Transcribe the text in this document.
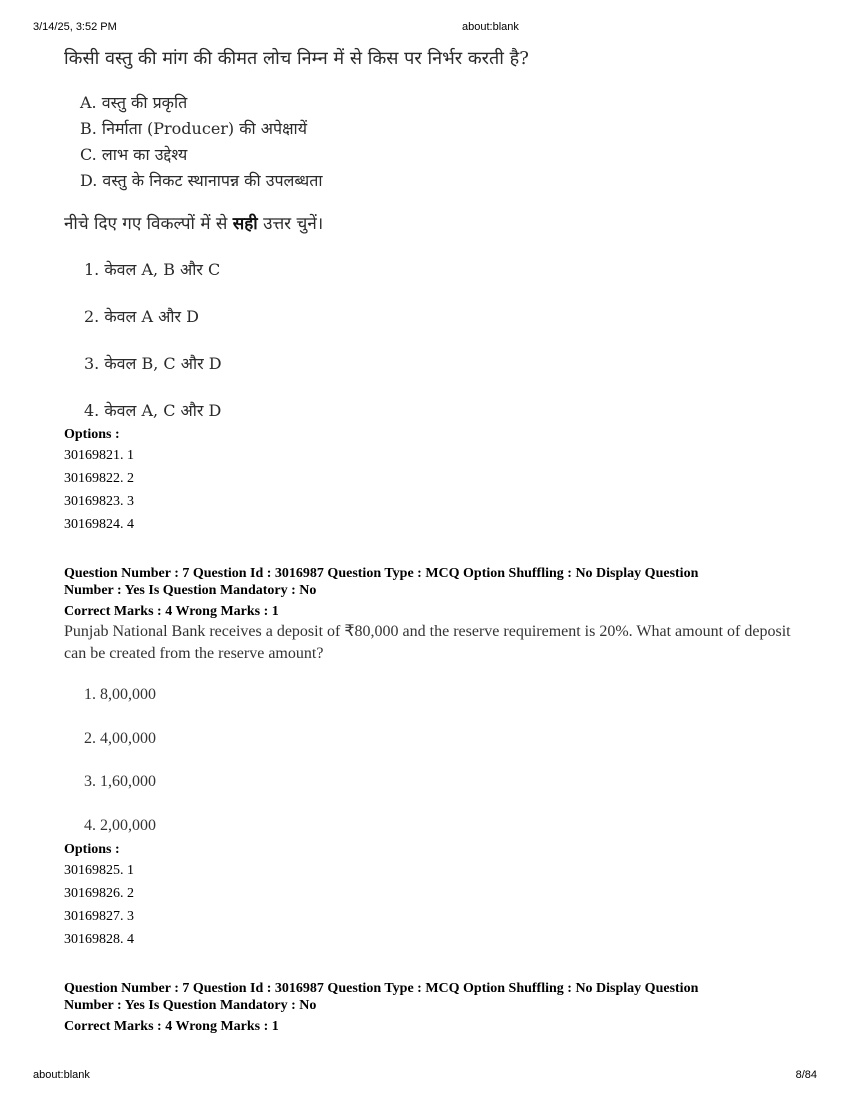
3/14/25, 3:52 PM	about:blank
किसी वस्तु की मांग की कीमत लोच निम्न में से किस पर निर्भर करती है?
A. वस्तु की प्रकृति
B. निर्माता (Producer) की अपेक्षायें
C. लाभ का उद्देश्य
D. वस्तु के निकट स्थानापन्न की उपलब्धता
नीचे दिए गए विकल्पों में से सही उत्तर चुनें।
1. केवल A, B और C
2. केवल A और D
3. केवल B, C और D
4. केवल A, C और D
Options :
30169821. 1
30169822. 2
30169823. 3
30169824. 4
Question Number : 7 Question Id : 3016987 Question Type : MCQ Option Shuffling : No Display Question
Number : Yes Is Question Mandatory : No
Correct Marks : 4 Wrong Marks : 1
Punjab National Bank receives a deposit of ₹80,000 and the reserve requirement is 20%. What amount of deposit can be created from the reserve amount?
1. 8,00,000
2. 4,00,000
3. 1,60,000
4. 2,00,000
Options :
30169825. 1
30169826. 2
30169827. 3
30169828. 4
Question Number : 7 Question Id : 3016987 Question Type : MCQ Option Shuffling : No Display Question
Number : Yes Is Question Mandatory : No
Correct Marks : 4 Wrong Marks : 1
about:blank	8/84
